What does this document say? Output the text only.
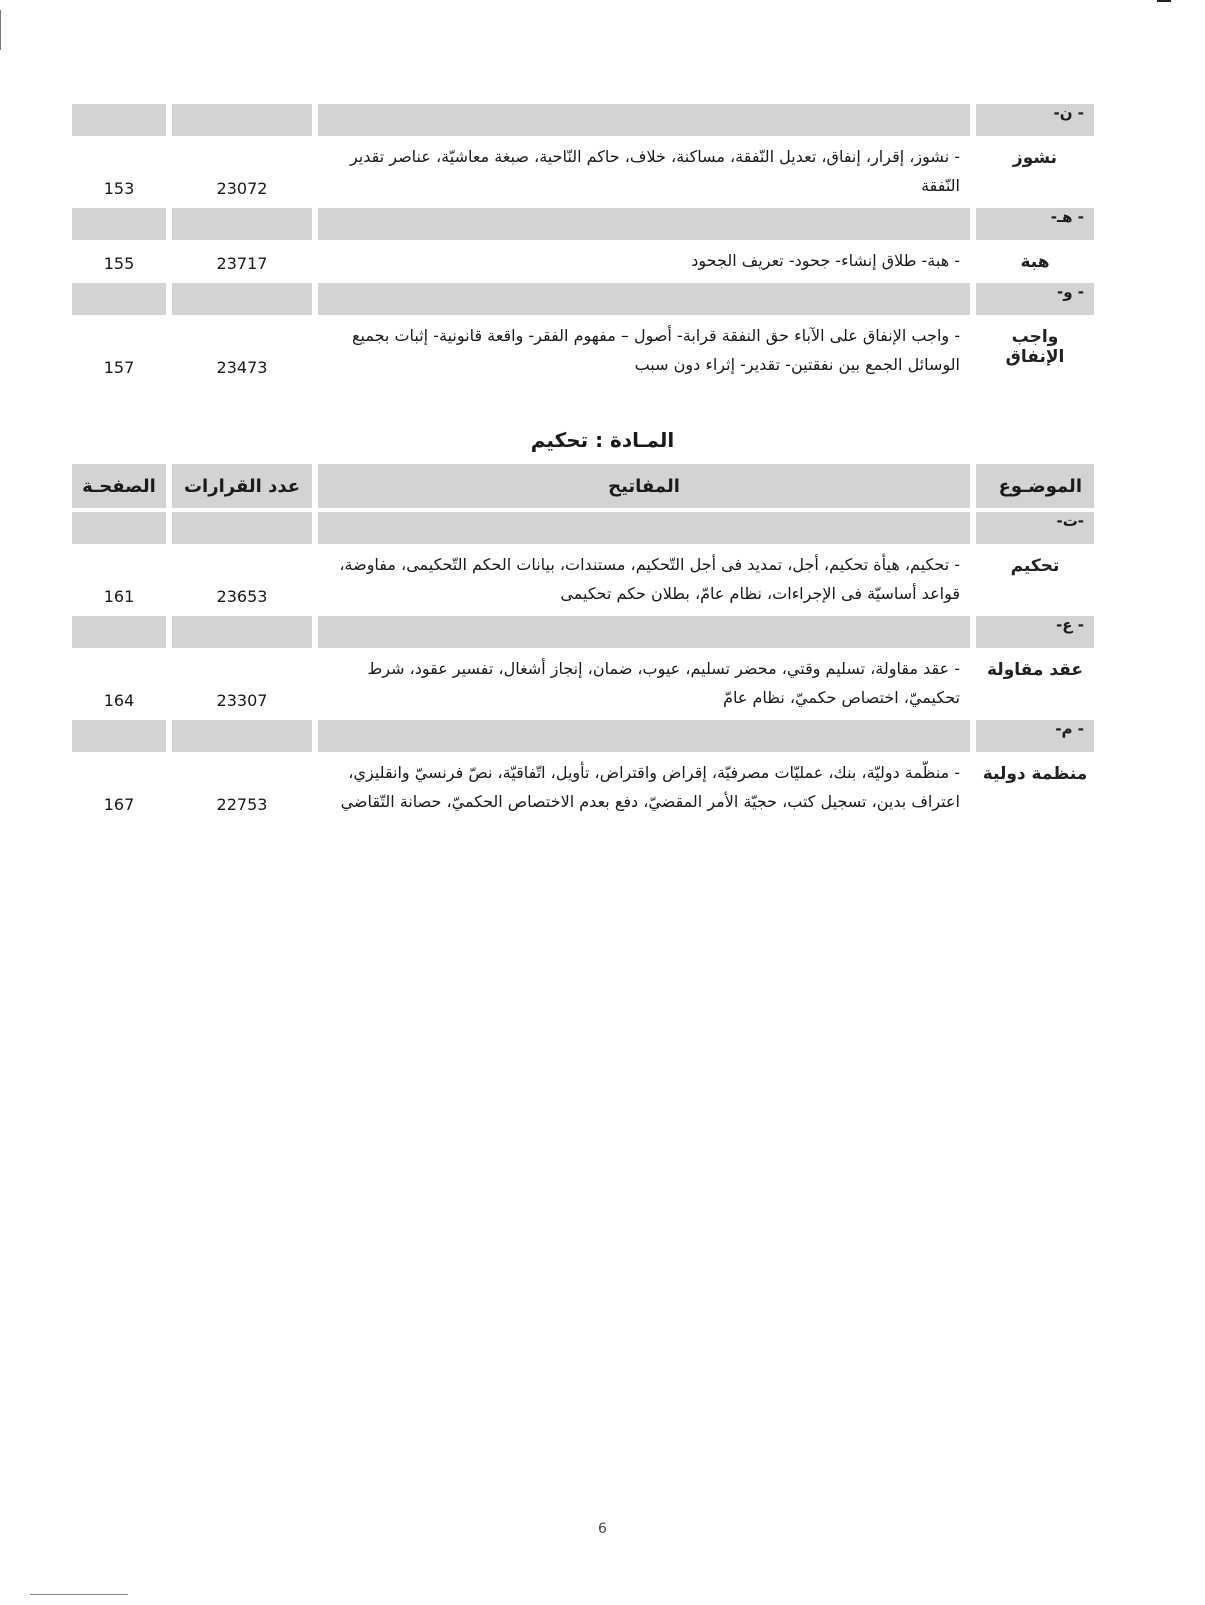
- ن-			
نشوز	- نشوز، إقرار، إنفاق، تعديل النّفقة، مساكنة، خلاف، حاكم النّاحية، صبغة معاشيّة، عناصر تقدير النّفقة	23072	153
- هـ-			
هبة	- هبة- طلاق إنشاء- جحود- تعريف الجحود	23717	155
- و-			
واجب الإنفاق	- واجب الإنفاق على الآباء حق النفقة قرابة- أصول – مفهوم الفقر- واقعة قانونية- إثبات بجميع الوسائل الجمع بين نفقتين- تقدير- إثراء دون سبب	23473	157
المـادة : تحكيم
الموضـوع	المفاتيح	عدد القرارات	الصفحـة
-ت-			
تحكيم	- تحكيم، هيأة تحكيم، أجل، تمديد فى أجل التّحكيم، مستندات، بيانات الحكم التّحكيمى، مفاوضة، قواعد أساسيّة فى الإجراءات، نظام عامّ، بطلان حكم تحكيمى	23653	161
- ع-			
عقد مقاولة	- عقد مقاولة، تسليم وقتي، محضر تسليم، عيوب، ضمان، إنجاز أشغال، تفسير عقود، شرط تحكيميّ، اختصاص حكميّ، نظام عامّ	23307	164
- م-			
منظمة دولية	- منظّمة دوليّة، بنك، عمليّات مصرفيّة، إقراض واقتراض، تأويل، اتّفاقيّة، نصّ فرنسيّ وانقليزي، اعتراف بدين، تسجيل كتب، حجيّة الأمر المقضيّ، دفع بعدم الاختصاص الحكميّ، حصانة التّقاضي	22753	167
6
